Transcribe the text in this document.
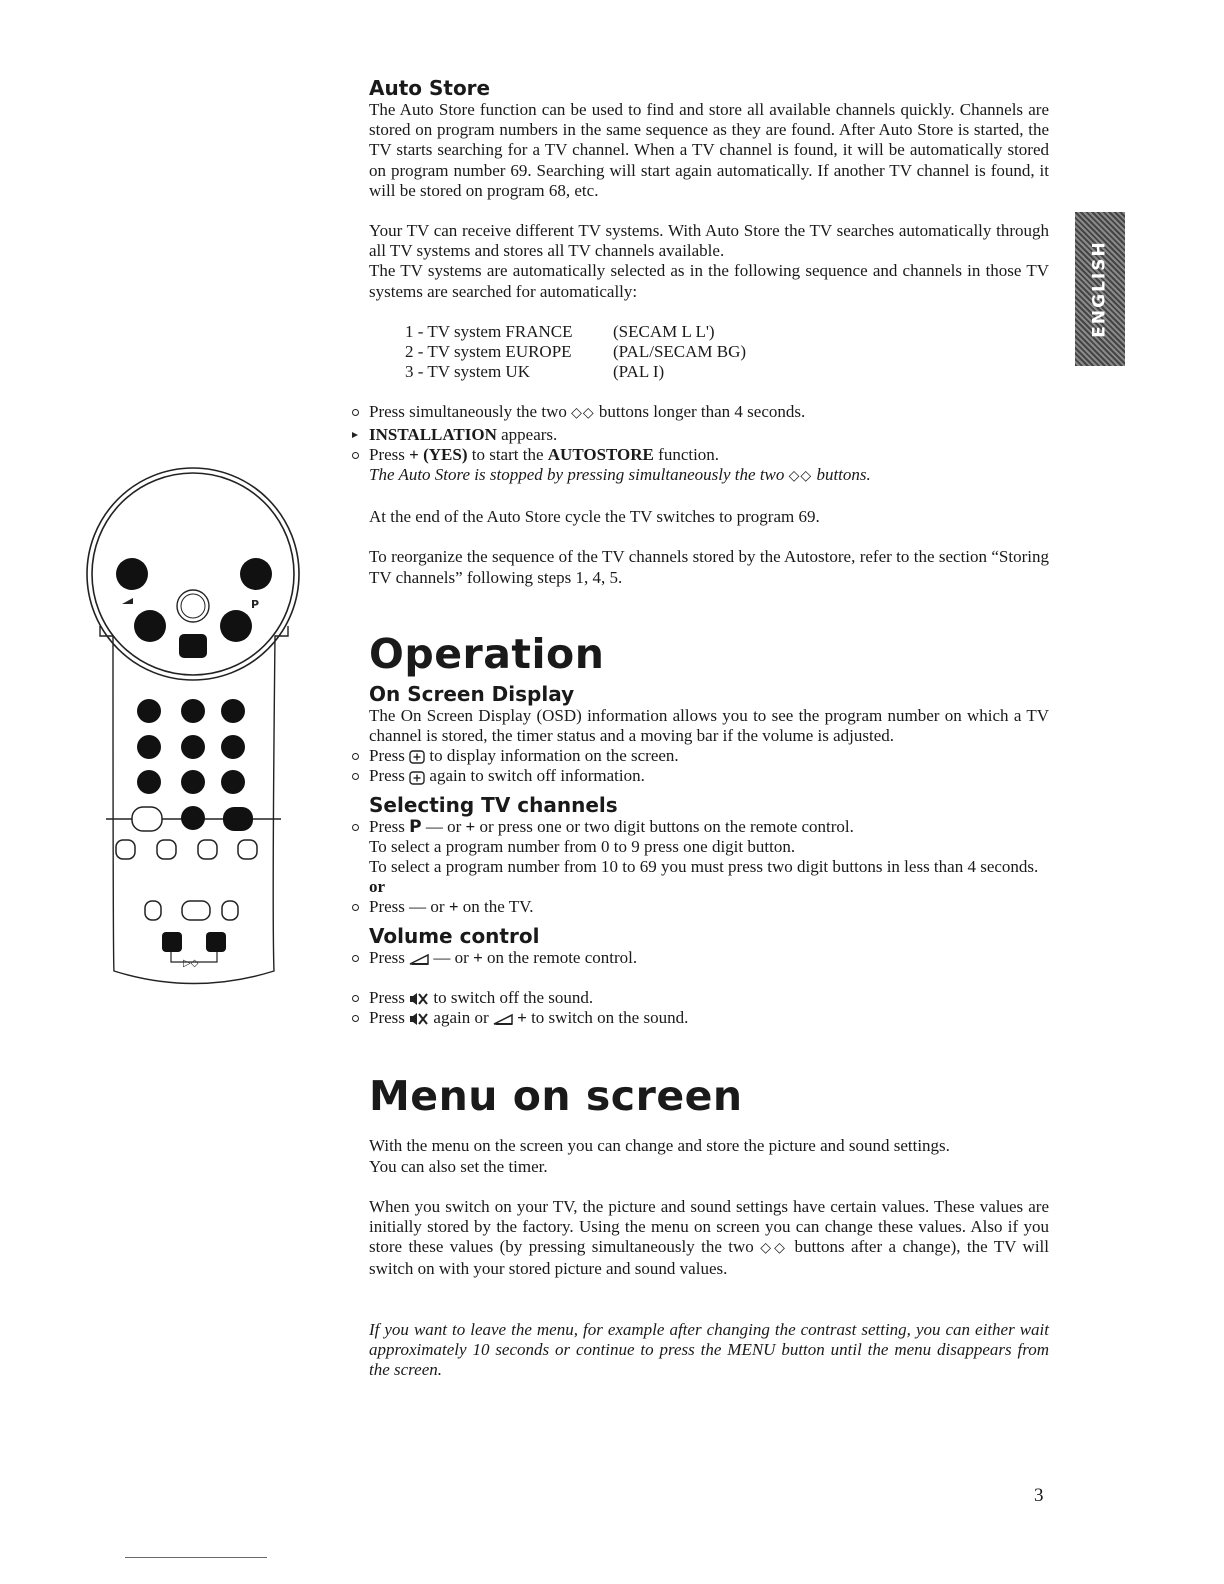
P
▷◇
ENGLISH
Auto Store

The Auto Store function can be used to find and store all available channels quickly. Channels are stored on program numbers in the same sequence as they are found. After Auto Store is started, the TV starts searching for a TV channel. When a TV channel is found, it will be automatically stored on program number 69. Searching will start again automatically. If another TV channel is found, it will be stored on program 68, etc.

Your TV can receive different TV systems. With Auto Store the TV searches automatically through all TV systems and stores all TV channels available.

The TV systems are automatically selected as in the following sequence and channels in those TV systems are searched for automatically:

1 - TV system FRANCE	(SECAM L L')
2 - TV system EUROPE	(PAL/SECAM BG)
3 - TV system UK	(PAL I)
Press simultaneously the two ◇◇ buttons longer than 4 seconds.
INSTALLATION appears.
Press + (YES) to start the AUTOSTORE function.
The Auto Store is stopped by pressing simultaneously the two ◇◇ buttons.

At the end of the Auto Store cycle the TV switches to program 69.

To reorganize the sequence of the TV channels stored by the Autostore, refer to the section “Storing TV channels” following steps 1, 4, 5.

Operation
On Screen Display

The On Screen Display (OSD) information allows you to see the program number on which a TV channel is stored, the timer status and a moving bar if the volume is adjusted.

Press to display information on the screen.
Press again to switch off information.
Selecting TV channels
Press P — or + or press one or two digit buttons on the remote control.
To select a program number from 0 to 9 press one digit button.

To select a program number from 10 to 69 you must press two digit buttons in less than 4 seconds.

or
Press — or + on the TV.
Volume control
Press — or + on the remote control.
Press to switch off the sound.
Press again or + to switch on the sound.
Menu on screen

With the menu on the screen you can change and store the picture and sound settings.

You can also set the timer.

When you switch on your TV, the picture and sound settings have certain values. These values are initially stored by the factory. Using the menu on screen you can change these values. Also if you store these values (by pressing simultaneously the two ◇◇ buttons after a change), the TV will switch on with your stored picture and sound values.

If you want to leave the menu, for example after changing the contrast setting, you can either wait approximately 10 seconds or continue to press the MENU button until the menu disappears from the screen.

3
